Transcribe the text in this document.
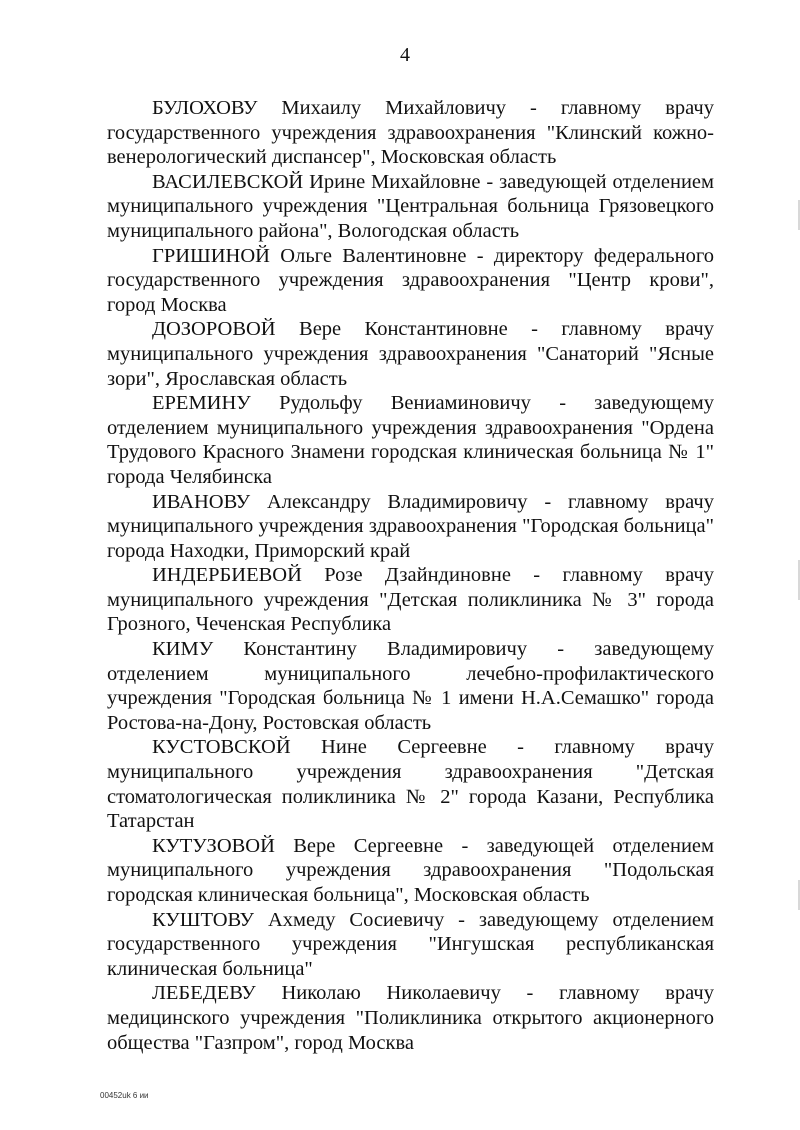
4

БУЛОХОВУ Михаилу Михайловичу - главному врачу государственного учреждения здравоохранения "Клинский кожно-венерологический диспансер", Московская область

ВАСИЛЕВСКОЙ Ирине Михайловне - заведующей отделением муниципального учреждения "Центральная больница Грязовецкого муниципального района", Вологодская область

ГРИШИНОЙ Ольге Валентиновне - директору федерального государственного учреждения здравоохранения "Центр крови", город Москва

ДОЗОРОВОЙ Вере Константиновне - главному врачу муниципального учреждения здравоохранения "Санаторий "Ясные зори", Ярославская область

ЕРЕМИНУ Рудольфу Вениаминовичу - заведующему отделением муниципального учреждения здравоохранения "Ордена Трудового Красного Знамени городская клиническая больница № 1" города Челябинска

ИВАНОВУ Александру Владимировичу - главному врачу муниципального учреждения здравоохранения "Городская больница" города Находки, Приморский край

ИНДЕРБИЕВОЙ Розе Дзайндиновне - главному врачу муниципального учреждения "Детская поликлиника № 3" города Грозного, Чеченская Республика

КИМУ Константину Владимировичу - заведующему отделением муниципального лечебно-профилактического учреждения "Городская больница № 1 имени Н.А.Семашко" города Ростова-на-Дону, Ростовская область

КУСТОВСКОЙ Нине Сергеевне - главному врачу муниципального учреждения здравоохранения "Детская стоматологическая поликлиника № 2" города Казани, Республика Татарстан

КУТУЗОВОЙ Вере Сергеевне - заведующей отделением муниципального учреждения здравоохранения "Подольская городская клиническая больница", Московская область

КУШТОВУ Ахмеду Сосиевичу - заведующему отделением государственного учреждения "Ингушская республиканская клиническая больница"

ЛЕБЕДЕВУ Николаю Николаевичу - главному врачу медицинского учреждения "Поликлиника открытого акционерного общества "Газпром", город Москва

00452uk 6 ии
